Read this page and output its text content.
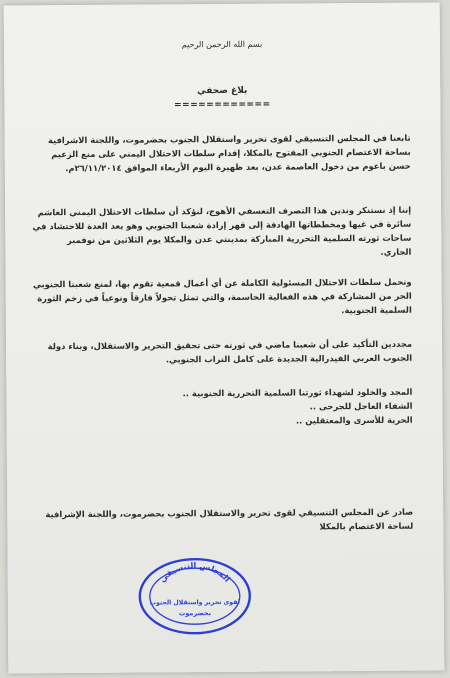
بسم الله الرحمن الرحيم
بلاغ صحفي
============
تابعنا في المجلس التنسيقي لقوى تحرير واستقلال الجنوب بحضرموت، واللجنة الاشرافية
بساحة الاعتصام الجنوبي المفتوح بالمكلا، إقدام سلطات الاحتلال اليمني على منع الزعيم
حسن باعوم من دخول العاصمة عدن، بعد ظهيرة اليوم الأربعاء الموافق ٢٦/١١/٢٠١٤م.
إننا إذ نستنكر وندين هذا التصرف التعسفي الأهوج، لنؤكد أن سلطات الاحتلال اليمني الغاشم
سائرة في غيها ومخططاتها الهادفة إلى قهر إرادة شعبنا الجنوبي وهو يعد العدة للاحتشاد في
ساحات ثورته السلمية التحررية المباركة بمدينتي عدن والمكلا يوم الثلاثين من نوفمبر
الجاري.
ونحمل سلطات الاحتلال المسئولية الكاملة عن أي أعمال قمعية تقوم بها، لمنع شعبنا الجنوبي
الحر من المشاركة في هذه الفعالية الحاسمة، والتي تمثل تحولاً فارقاً ونوعياً في زخم الثورة
السلمية الجنوبية.
مجددين التأكيد على أن شعبنا ماضي في ثورته حتى تحقيق التحرير والاستقلال، وبناء دولة
الجنوب العربي الفيدرالية الجديدة على كامل التراب الجنوبي.
المجد والخلود لشهداء ثورتنا السلمية التحررية الجنوبية ..
الشفاء العاجل للجرحى ..
الحرية للأسرى والمعتقلين ..
صادر عن المجلس التنسيقي لقوى تحرير والاستقلال الجنوب بحضرموت، واللجنة الإشرافية
لساحة الاعتصام بالمكلا
المجلس التنسيقي
لقوى تحرير واستقلال الجنوب
بحضرموت
